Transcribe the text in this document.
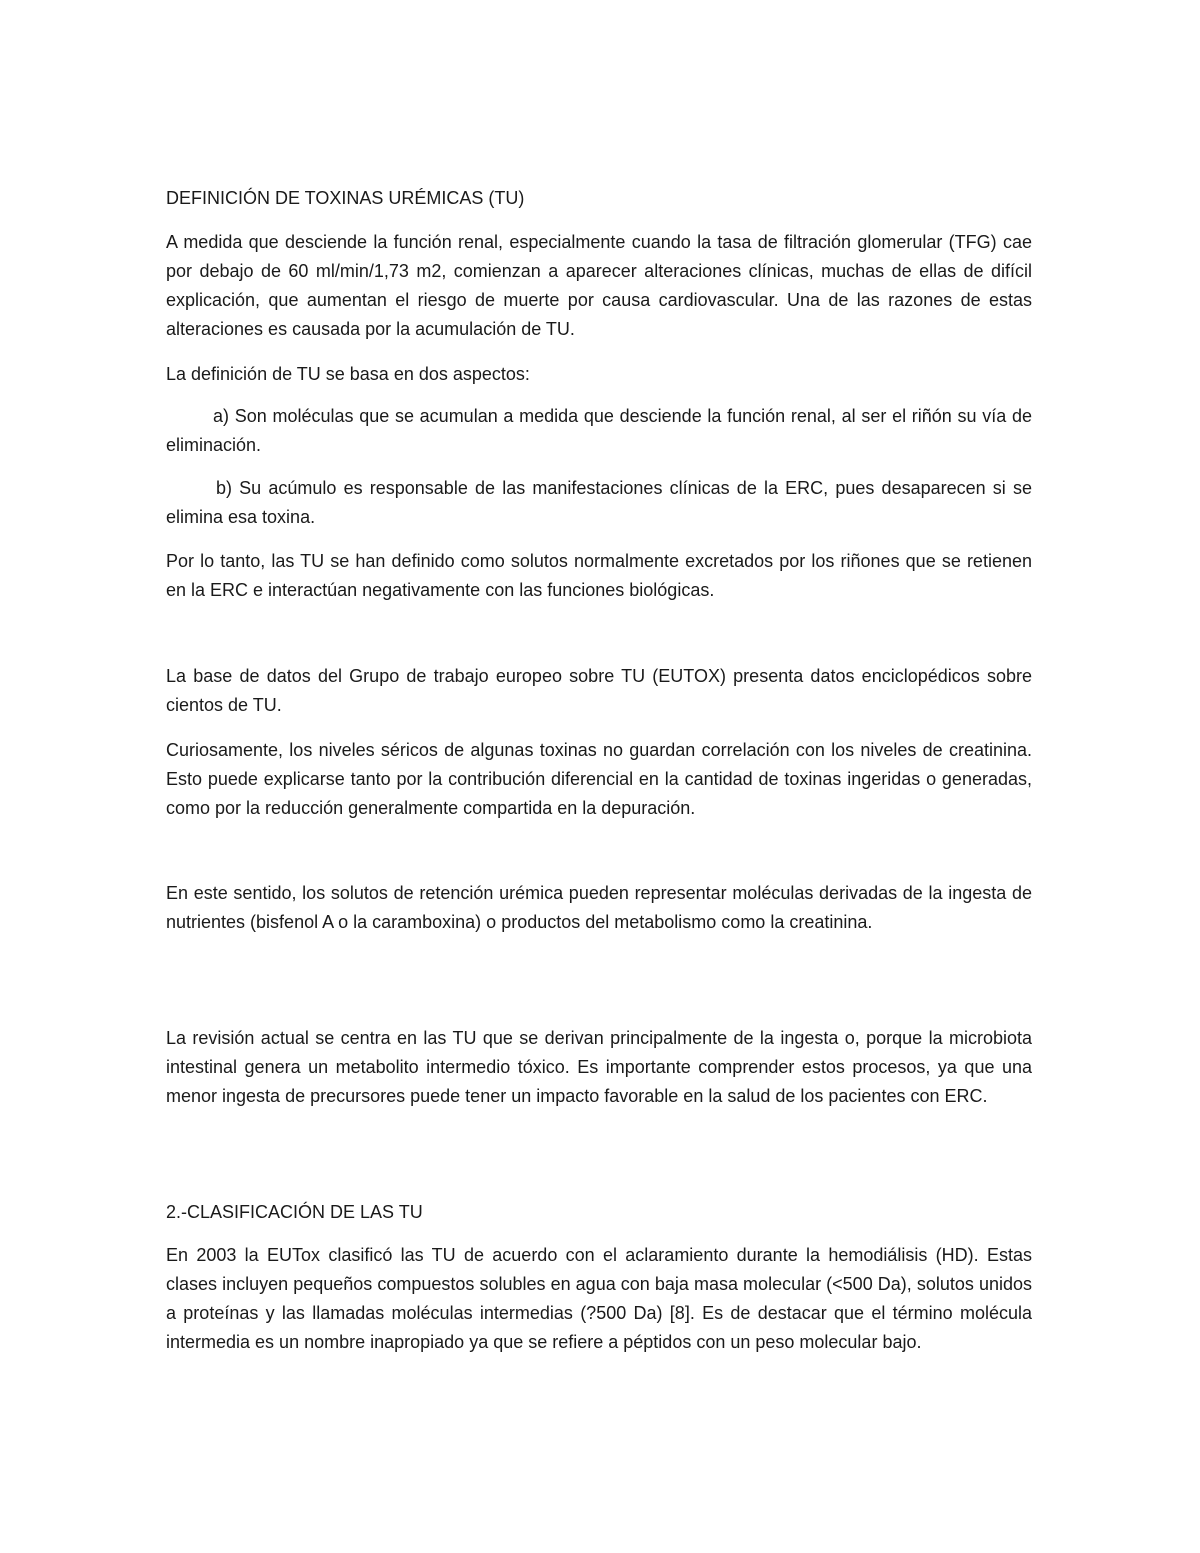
DEFINICIÓN DE TOXINAS URÉMICAS (TU)

A medida que desciende la función renal, especialmente cuando la tasa de filtración glomerular (TFG) cae por debajo de 60 ml/min/1,73 m2, comienzan a aparecer alteraciones clínicas, muchas de ellas de difícil explicación, que aumentan el riesgo de muerte por causa cardiovascular. Una de las razones de estas alteraciones es causada por la acumulación de TU.

La definición de TU se basa en dos aspectos:

a) Son moléculas que se acumulan a medida que desciende la función renal, al ser el riñón su vía de eliminación.

b) Su acúmulo es responsable de las manifestaciones clínicas de la ERC, pues desaparecen si se elimina esa toxina.

Por lo tanto, las TU se han definido como solutos normalmente excretados por los riñones que se retienen en la ERC e interactúan negativamente con las funciones biológicas.

La base de datos del Grupo de trabajo europeo sobre TU (EUTOX) presenta datos enciclopédicos sobre cientos de TU.

Curiosamente, los niveles séricos de algunas toxinas no guardan correlación con los niveles de creatinina. Esto puede explicarse tanto por la contribución diferencial en la cantidad de toxinas ingeridas o generadas, como por la reducción generalmente compartida en la depuración.

En este sentido, los solutos de retención urémica pueden representar moléculas derivadas de la ingesta de nutrientes (bisfenol A o la caramboxina) o productos del metabolismo como la creatinina.

La revisión actual se centra en las TU que se derivan principalmente de la ingesta o, porque la microbiota intestinal genera un metabolito intermedio tóxico. Es importante comprender estos procesos, ya que una menor ingesta de precursores puede tener un impacto favorable en la salud de los pacientes con ERC.

2.-CLASIFICACIÓN DE LAS TU

En 2003 la EUTox clasificó las TU de acuerdo con el aclaramiento durante la hemodiálisis (HD). Estas clases incluyen pequeños compuestos solubles en agua con baja masa molecular (<500 Da), solutos unidos a proteínas y las llamadas moléculas intermedias (?500 Da) [8]. Es de destacar que el término molécula intermedia es un nombre inapropiado ya que se refiere a péptidos con un peso molecular bajo.
